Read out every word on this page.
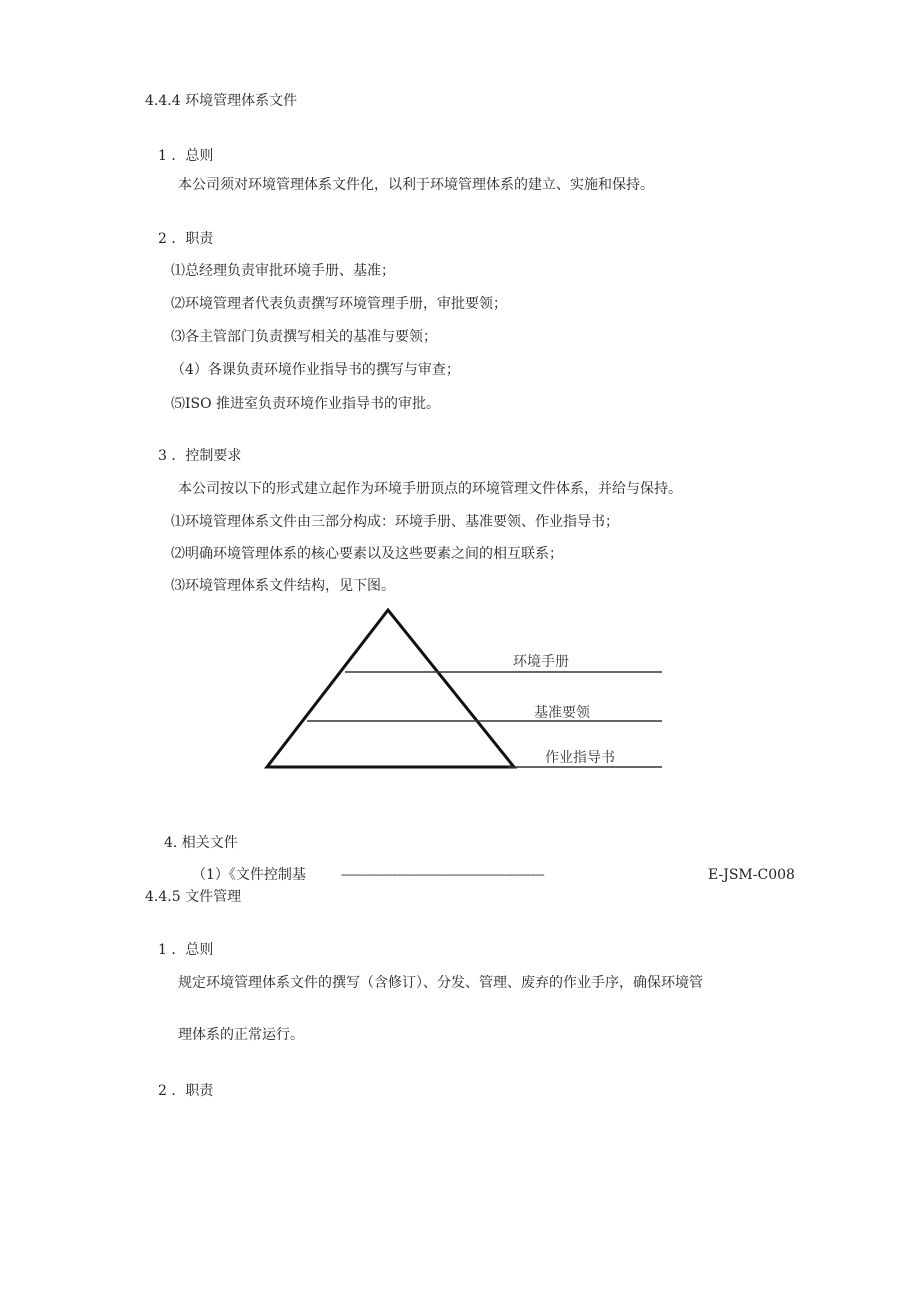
4.4.4 环境管理体系文件
1 ．总则
本公司须对环境管理体系文件化，以利于环境管理体系的建立、实施和保持。
2 ．职责
⑴总经理负责审批环境手册、基准；
⑵环境管理者代表负责撰写环境管理手册，审批要领；
⑶各主管部门负责撰写相关的基准与要领；
（4）各课负责环境作业指导书的撰写与审查；
⑸ISO 推进室负责环境作业指导书的审批。
3 ．控制要求
本公司按以下的形式建立起作为环境手册顶点的环境管理文件体系，并给与保持。
⑴环境管理体系文件由三部分构成：环境手册、基准要领、作业指导书；
⑵明确环境管理体系的核心要素以及这些要素之间的相互联系；
⑶环境管理体系文件结构，见下图。
环境手册
基准要领
作业指导书
4. 相关文件
（1）《文件控制基	------------------------------------------------------------------------	E-JSM-C008
4.4.5 文件管理
1 ．总则
规定环境管理体系文件的撰写（含修订）、分发、管理、废弃的作业手序，确保环境管
理体系的正常运行。
2 ．职责
